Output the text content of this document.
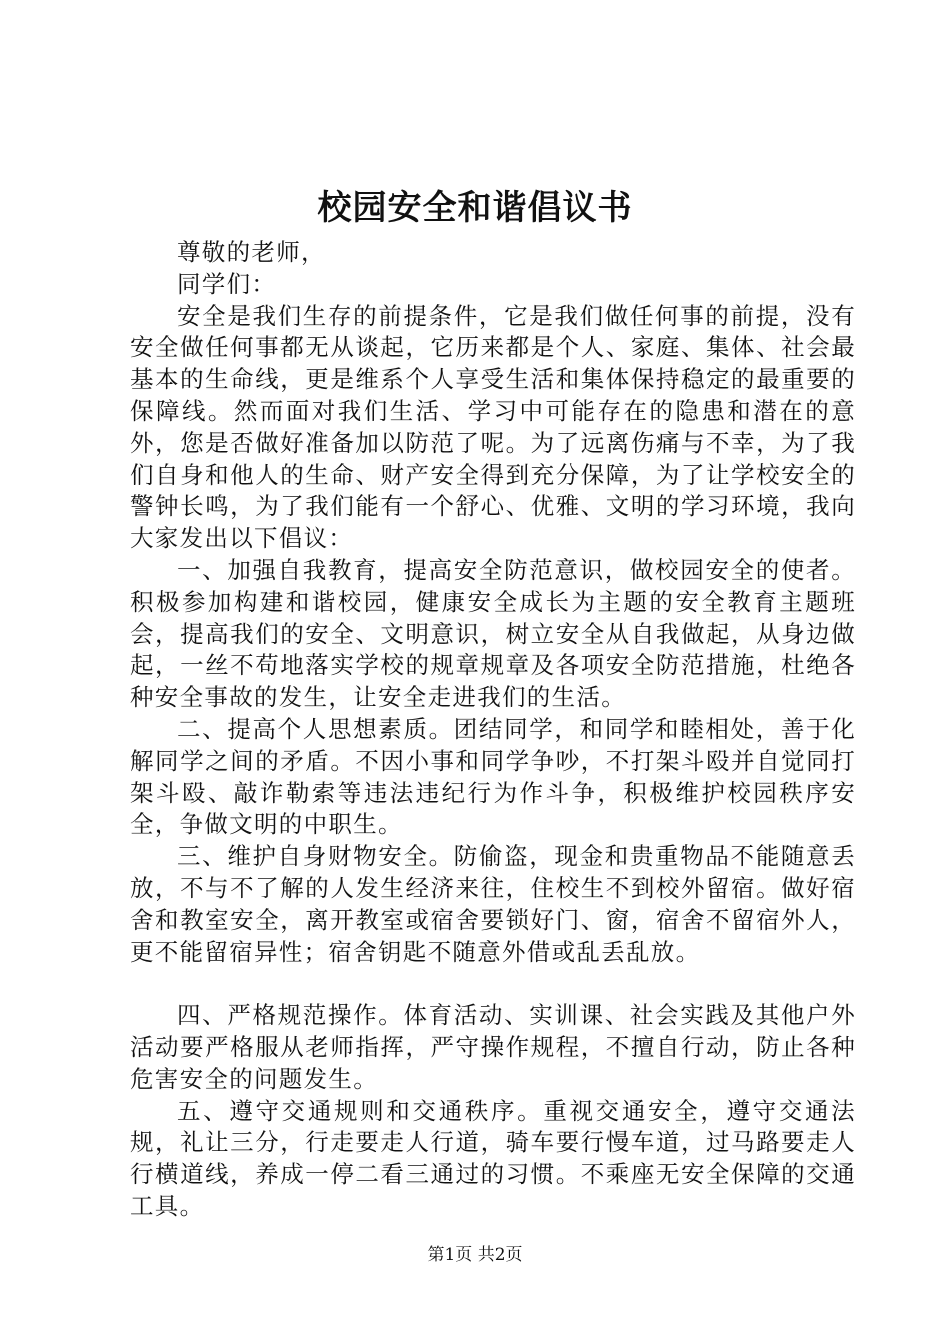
校园安全和谐倡议书

尊敬的老师，

同学们：

安全是我们生存的前提条件，它是我们做任何事的前提，没有安全做任何事都无从谈起，它历来都是个人、家庭、集体、社会最基本的生命线，更是维系个人享受生活和集体保持稳定的最重要的保障线。然而面对我们生活、学习中可能存在的隐患和潜在的意外，您是否做好准备加以防范了呢。为了远离伤痛与不幸，为了我们自身和他人的生命、财产安全得到充分保障，为了让学校安全的警钟长鸣，为了我们能有一个舒心、优雅、文明的学习环境，我向大家发出以下倡议：

一、加强自我教育，提高安全防范意识，做校园安全的使者。积极参加构建和谐校园，健康安全成长为主题的安全教育主题班会，提高我们的安全、文明意识，树立安全从自我做起，从身边做起，一丝不苟地落实学校的规章规章及各项安全防范措施，杜绝各种安全事故的发生，让安全走进我们的生活。

二、提高个人思想素质。团结同学，和同学和睦相处，善于化解同学之间的矛盾。不因小事和同学争吵，不打架斗殴并自觉同打架斗殴、敲诈勒索等违法违纪行为作斗争，积极维护校园秩序安全，争做文明的中职生。

三、维护自身财物安全。防偷盗，现金和贵重物品不能随意丢放，不与不了解的人发生经济来往，住校生不到校外留宿。做好宿舍和教室安全，离开教室或宿舍要锁好门、窗，宿舍不留宿外人，更不能留宿异性；宿舍钥匙不随意外借或乱丢乱放。

四、严格规范操作。体育活动、实训课、社会实践及其他户外活动要严格服从老师指挥，严守操作规程，不擅自行动，防止各种危害安全的问题发生。

五、遵守交通规则和交通秩序。重视交通安全，遵守交通法规，礼让三分，行走要走人行道，骑车要行慢车道，过马路要走人行横道线，养成一停二看三通过的习惯。不乘座无安全保障的交通工具。

第1页 共2页
